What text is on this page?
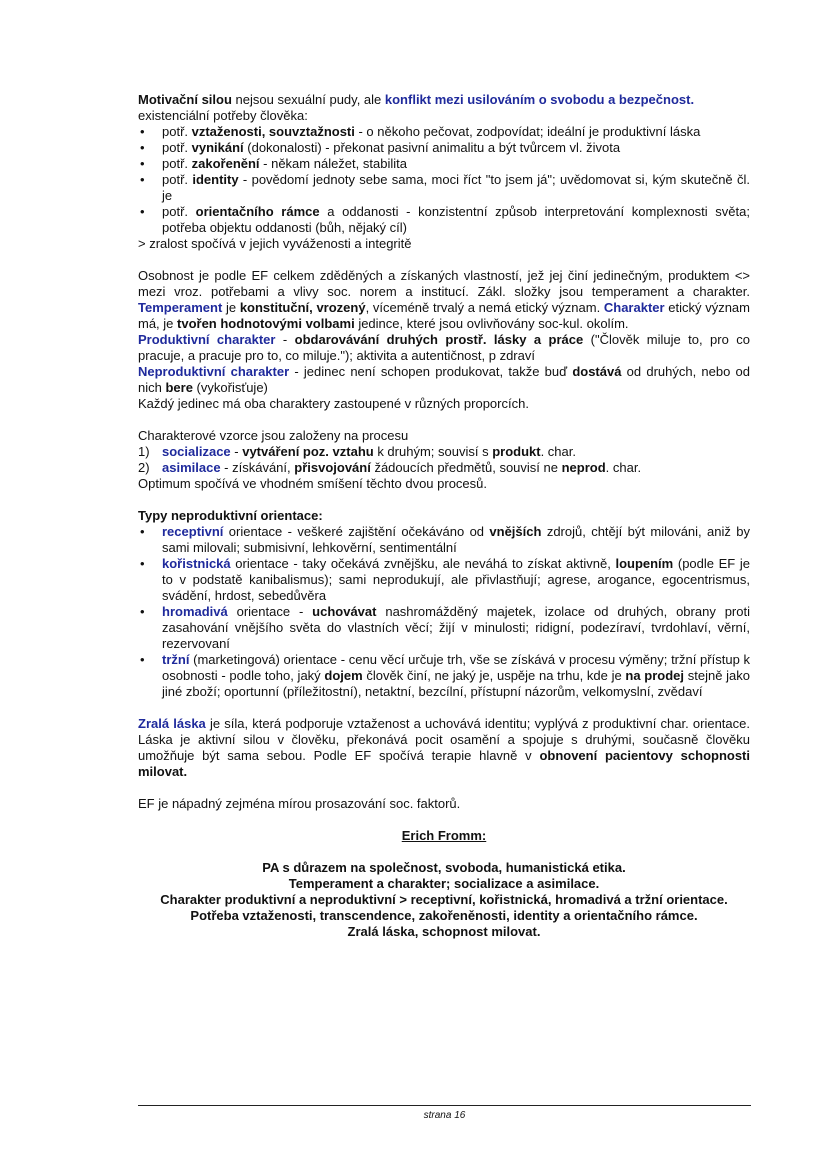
Motivační silou nejsou sexuální pudy, ale konflikt mezi usilováním o svobodu a bezpečnost.

existenciální potřeby člověka:

• potř. vztaženosti, souvztažnosti - o někoho pečovat, zodpovídat; ideální je produktivní láska
• potř. vynikání (dokonalosti) - překonat pasivní animalitu a být tvůrcem vl. života
• potř. zakořenění - někam náležet, stabilita
• potř. identity - povědomí jednoty sebe sama, moci říct "to jsem já"; uvědomovat si, kým skutečně čl. je
• potř. orientačního rámce a oddanosti - konzistentní způsob interpretování komplexnosti světa; potřeba objektu oddanosti (bůh, nějaký cíl)

> zralost spočívá v jejich vyváženosti a integritě

Osobnost je podle EF celkem zděděných a získaných vlastností, jež jej činí jedinečným, produktem <> mezi vroz. potřebami a vlivy soc. norem a institucí. Zákl. složky jsou temperament a charakter. Temperament je konstituční, vrozený, víceméně trvalý a nemá etický význam. Charakter etický význam má, je tvořen hodnotovými volbami jedince, které jsou ovlivňovány soc-kul. okolím.

Produktivní charakter - obdarovávání druhých prostř. lásky a práce ("Člověk miluje to, pro co pracuje, a pracuje pro to, co miluje."); aktivita a autentičnost, p zdraví

Neproduktivní charakter - jedinec není schopen produkovat, takže buď dostává od druhých, nebo od nich bere (vykořisťuje)

Každý jedinec má oba charaktery zastoupené v různých proporcích.

Charakterové vzorce jsou založeny na procesu

1) socializace - vytváření poz. vztahu k druhým; souvisí s produkt. char.

2) asimilace - získávání, přisvojování žádoucích předmětů, souvisí ne neprod. char.

Optimum spočívá ve vhodném smíšení těchto dvou procesů.

Typy neproduktivní orientace:

• receptivní orientace - veškeré zajištění očekáváno od vnějších zdrojů, chtějí být milováni, aniž by sami milovali; submisivní, lehkověrní, sentimentální
• kořistnická orientace - taky očekává zvnějšku, ale neváhá to získat aktivně, loupením (podle EF je to v podstatě kanibalismus); sami neprodukují, ale přivlastňují; agrese, arogance, egocentrismus, svádění, hrdost, sebedůvěra
• hromadivá orientace - uchovávat nashromážděný majetek, izolace od druhých, obrany proti zasahování vnějšího světa do vlastních věcí; žijí v minulosti; ridigní, podezíraví, tvrdohlaví, věrní, rezervovaní
• tržní (marketingová) orientace - cenu věcí určuje trh, vše se získává v procesu výměny; tržní přístup k osobnosti - podle toho, jaký dojem člověk činí, ne jaký je, uspěje na trhu, kde je na prodej stejně jako jiné zboží; oportunní (příležitostní), netaktní, bezcílní, přístupní názorům, velkomyslní, zvědaví

Zralá láska je síla, která podporuje vztaženost a uchovává identitu; vyplývá z produktivní char. orientace. Láska je aktivní silou v člověku, překonává pocit osamění a spojuje s druhými, současně člověku umožňuje být sama sebou. Podle EF spočívá terapie hlavně v obnovení pacientovy schopnosti milovat.

EF je nápadný zejména mírou prosazování soc. faktorů.

Erich Fromm:

PA s důrazem na společnost, svoboda, humanistická etika.

Temperament a charakter; socializace a asimilace.

Charakter produktivní a neproduktivní > receptivní, kořistnická, hromadivá a tržní orientace.

Potřeba vztaženosti, transcendence, zakořeněnosti, identity a orientačního rámce.

Zralá láska, schopnost milovat.

strana 16
